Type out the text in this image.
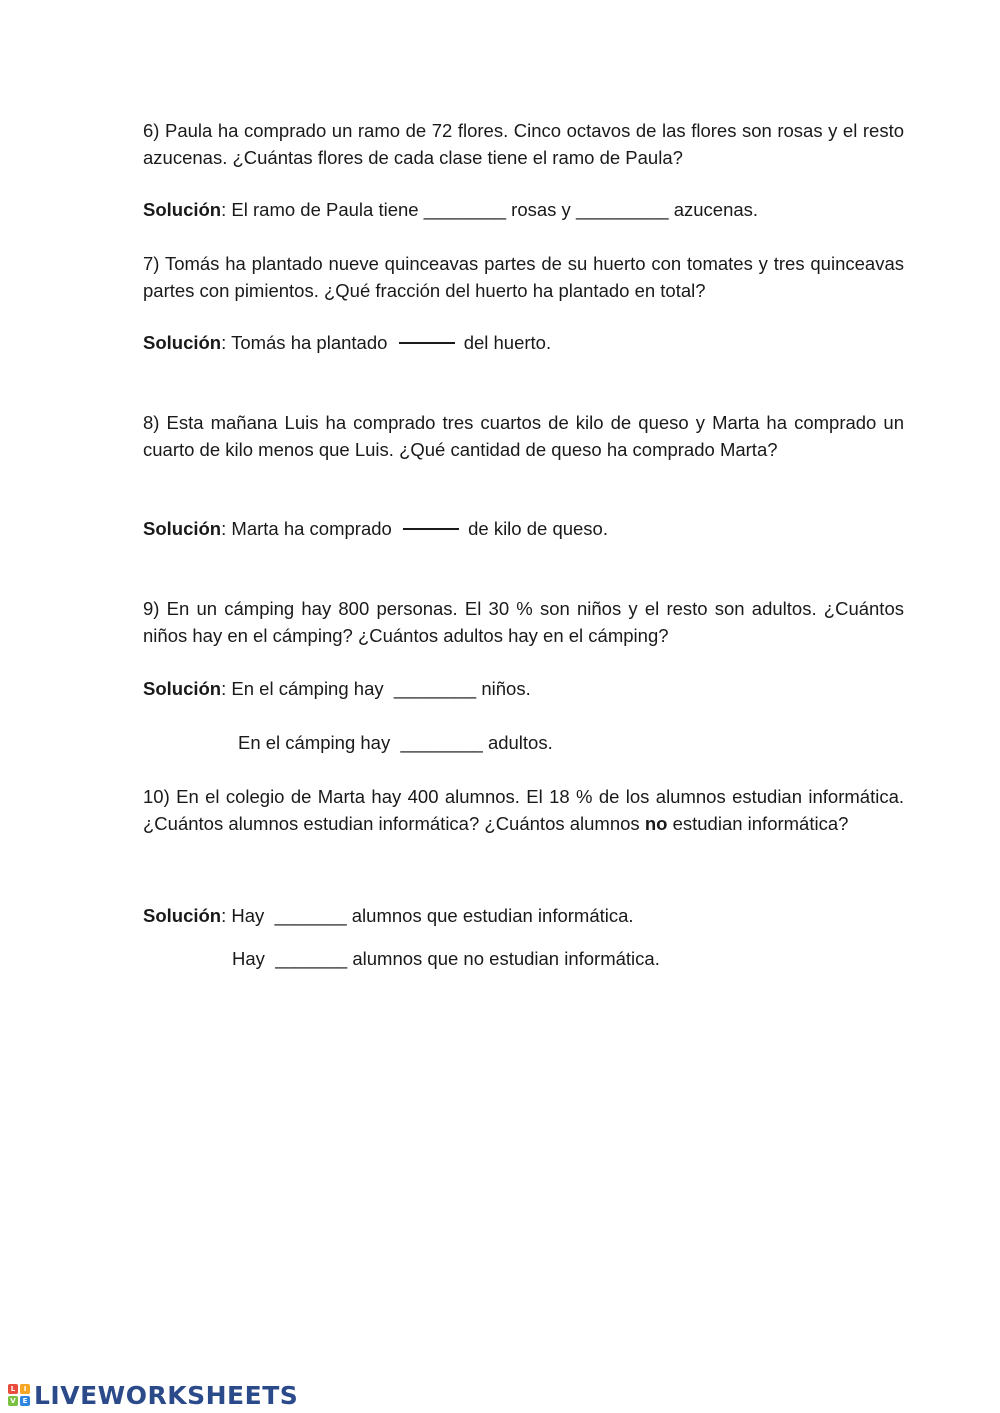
6) Paula ha comprado un ramo de 72 flores. Cinco octavos de las flores son rosas y el resto azucenas. ¿Cuántas flores de cada clase tiene el ramo de Paula?

Solución: El ramo de Paula tiene ________ rosas y _________ azucenas.

7) Tomás ha plantado nueve quinceavas partes de su huerto con tomates y tres quinceavas partes con pimientos. ¿Qué fracción del huerto ha plantado en total?

Solución: Tomás ha plantado	del huerto.

8) Esta mañana Luis ha comprado tres cuartos de kilo de queso y Marta ha comprado un cuarto de kilo menos que Luis. ¿Qué cantidad de queso ha comprado Marta?

Solución: Marta ha comprado	de kilo de queso.

9) En un cámping hay 800 personas. El 30 % son niños y el resto son adultos. ¿Cuántos niños hay en el cámping? ¿Cuántos adultos hay en el cámping?

Solución: En el cámping hay ________ niños.

En el cámping hay ________ adultos.

10) En el colegio de Marta hay 400 alumnos. El 18 % de los alumnos estudian informática. ¿Cuántos alumnos estudian informática? ¿Cuántos alumnos no estudian informática?

Solución: Hay _______ alumnos que estudian informática.

Hay _______ alumnos que no estudian informática.

L	I
V E LIVEWORKSHEETS
